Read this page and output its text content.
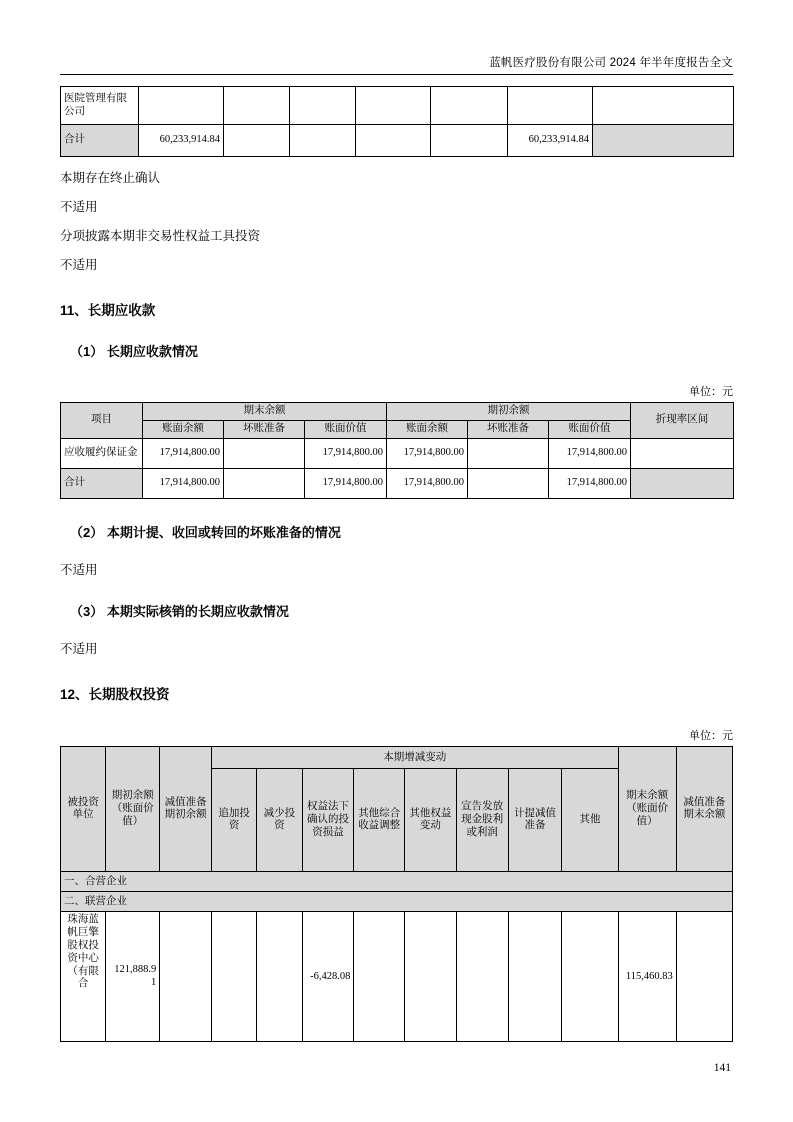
蓝帆医疗股份有限公司 2024 年半年度报告全文
医院管理有限公司							
合计	60,233,914.84					60,233,914.84	

本期存在终止确认

不适用

分项披露本期非交易性权益工具投资

不适用

11、长期应收款
（1） 长期应收款情况
单位：元
项目	期末余额			期初余额			折现率区间
	账面余额	坏账准备	账面价值	账面余额	坏账准备	账面价值	
应收履约保证金	17,914,800.00		17,914,800.00	17,914,800.00		17,914,800.00	
合计	17,914,800.00		17,914,800.00	17,914,800.00		17,914,800.00	
（2） 本期计提、收回或转回的坏账准备的情况

不适用

（3） 本期实际核销的长期应收款情况

不适用

12、长期股权投资
单位：元
被投资单位	期初余额（账面价值）	减值准备期初余额	本期增减变动								期末余额（账面价值）	减值准备期末余额
			追加投资	减少投资	权益法下确认的投资损益	其他综合收益调整	其他权益变动	宣告发放现金股利或利润	计提减值准备	其他		
一、合营企业												
二、联营企业												
珠海蓝帆巨擎股权投资中心（有限合	121,888.91				-6,428.08						115,460.83	
141
